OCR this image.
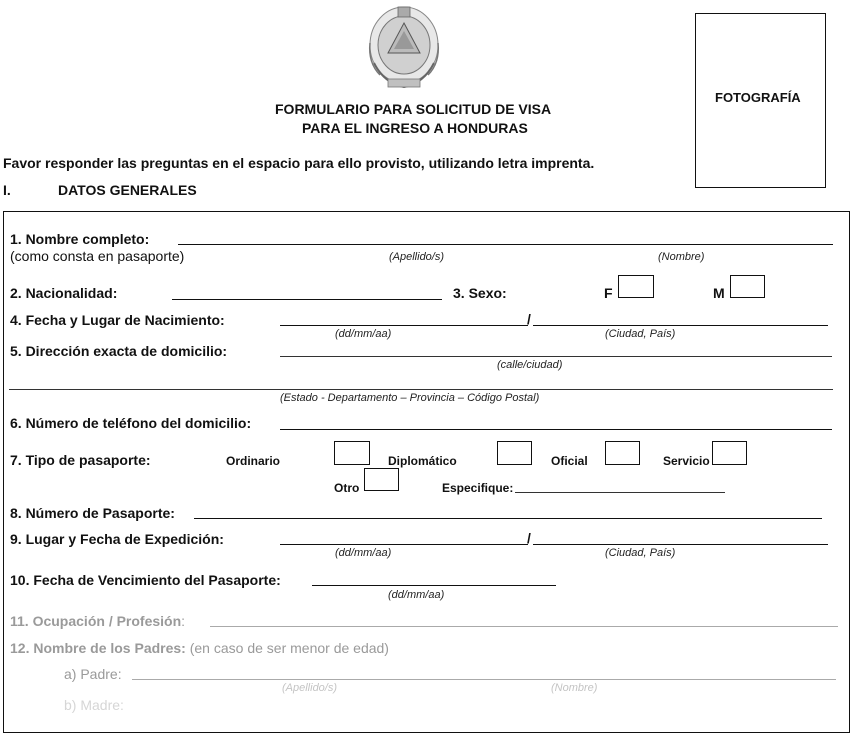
FORMULARIO PARA SOLICITUD DE VISA
PARA EL INGRESO A HONDURAS
FOTOGRAFÍA
Favor responder las preguntas en el espacio para ello provisto, utilizando letra imprenta.
I.	DATOS GENERALES
1. Nombre completo:
(como consta en pasaporte)	(Apellido/s)	(Nombre)
2. Nacionalidad:	3. Sexo:	F	M
4. Fecha y Lugar de Nacimiento:	/
(dd/mm/aa)	(Ciudad, País)
5. Dirección exacta de domicilio:
(calle/ciudad)
(Estado - Departamento – Provincia – Código Postal)
6. Número de teléfono del domicilio:
7. Tipo de pasaporte:	Ordinario	Diplomático	Oficial	Servicio
Otro	Especifique:
8. Número de Pasaporte:
9. Lugar y Fecha de Expedición:	/
(dd/mm/aa)	(Ciudad, País)
10. Fecha de Vencimiento del Pasaporte:
(dd/mm/aa)
11. Ocupación / Profesión:
12. Nombre de los Padres: (en caso de ser menor de edad)
a) Padre:
(Apellido/s)	(Nombre)
b) Madre:
